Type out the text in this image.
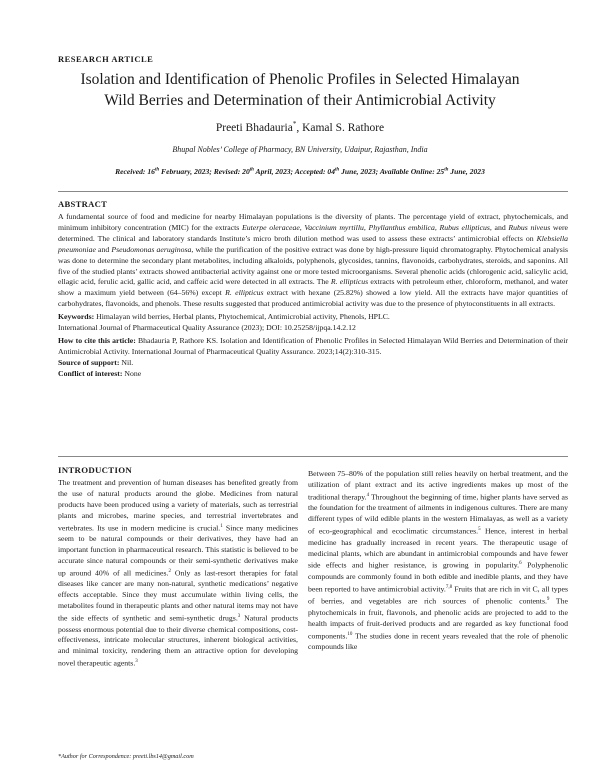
RESEARCH ARTICLE
Isolation and Identification of Phenolic Profiles in Selected Himalayan
Wild Berries and Determination of their Antimicrobial Activity
Preeti Bhadauria*, Kamal S. Rathore
Bhupal Nobles’ College of Pharmacy, BN University, Udaipur, Rajasthan, India
Received: 16th February, 2023; Revised: 20th April, 2023; Accepted: 04th June, 2023; Available Online: 25th June, 2023
ABSTRACT

A fundamental source of food and medicine for nearby Himalayan populations is the diversity of plants. The percentage yield of extract, phytochemicals, and minimum inhibitory concentration (MIC) for the extracts Euterpe oleraceae, Vaccinium myrtillu, Phyllanthus embilica, Rubus ellipticus, and Rubus niveus were determined. The clinical and laboratory standards Institute’s micro broth dilution method was used to assess these extracts’ antimicrobial effects on Klebsiella pneumoniae and Pseudomonas aeruginosa, while the purification of the positive extract was done by high-pressure liquid chromatography. Phytochemical analysis was done to determine the secondary plant metabolites, including alkaloids, polyphenols, glycosides, tannins, flavonoids, carbohydrates, steroids, and saponins. All five of the studied plants’ extracts showed antibacterial activity against one or more tested microorganisms. Several phenolic acids (chlorogenic acid, salicylic acid, ellagic acid, ferulic acid, gallic acid, and caffeic acid were detected in all extracts. The R. ellipticus extracts with petroleum ether, chloroform, methanol, and water show a maximum yield between (64–56%) except R. ellipticus extract with hexane (25.82%) showed a low yield. All the extracts have major quantities of carbohydrates, flavonoids, and phenols. These results suggested that produced antimicrobial activity was due to the presence of phytoconstituents in all extracts.

Keywords: Himalayan wild berries, Herbal plants, Phytochemical, Antimicrobial activity, Phenols, HPLC.

International Journal of Pharmaceutical Quality Assurance (2023); DOI: 10.25258/ijpqa.14.2.12

How to cite this article: Bhadauria P, Rathore KS. Isolation and Identification of Phenolic Profiles in Selected Himalayan Wild Berries and Determination of their Antimicrobial Activity. International Journal of Pharmaceutical Quality Assurance. 2023;14(2):310-315.

Source of support: Nil.

Conflict of interest: None

INTRODUCTION
The treatment and prevention of human diseases has benefited greatly from the use of natural products around the globe. Medicines from natural products have been produced using a variety of materials, such as terrestrial plants and microbes, marine species, and terrestrial invertebrates and vertebrates. Its use in modern medicine is crucial.$^1$ Since many medicines seem to be natural compounds or their derivatives, they have had an important function in pharmaceutical research. This statistic is believed to be accurate since natural compounds or their semi-synthetic derivatives make up around 40% of all medicines.$^2$ Only as last-resort therapies for fatal diseases like cancer are many non-natural, synthetic medications’ negative effects acceptable. Since they must accumulate within living cells, the metabolites found in therapeutic plants and other natural items may not have the side effects of synthetic and semi-synthetic drugs.$^3$ Natural products possess enormous potential due to their diverse chemical compositions, cost-effectiveness, intricate molecular structures, inherent biological activities, and minimal toxicity, rendering them an attractive option for developing novel therapeutic agents.$^3$
Between 75–80% of the population still relies heavily on herbal treatment, and the utilization of plant extract and its active ingredients makes up most of the traditional therapy.$^4$ Throughout the beginning of time, higher plants have served as the foundation for the treatment of ailments in indigenous cultures. There are many different types of wild edible plants in the western Himalayas, as well as a variety of eco-geographical and ecoclimatic circumstances.$^5$ Hence, interest in herbal medicine has gradually increased in recent years. The therapeutic usage of medicinal plants, which are abundant in antimicrobial compounds and have fewer side effects and higher resistance, is growing in popularity.$^6$ Polyphenolic compounds are commonly found in both edible and inedible plants, and they have been reported to have antimicrobial activity.$^{7,8}$ Fruits that are rich in vit C, all types of berries, and vegetables are rich sources of phenolic contents.$^9$ The phytochemicals in fruit, flavonols, and phenolic acids are projected to add to the health impacts of fruit-derived products and are regarded as key functional food components.$^{10}$ The studies done in recent years revealed that the role of phenolic compounds like
*Author for Correspondence: preeti.lbs14@gmail.com
